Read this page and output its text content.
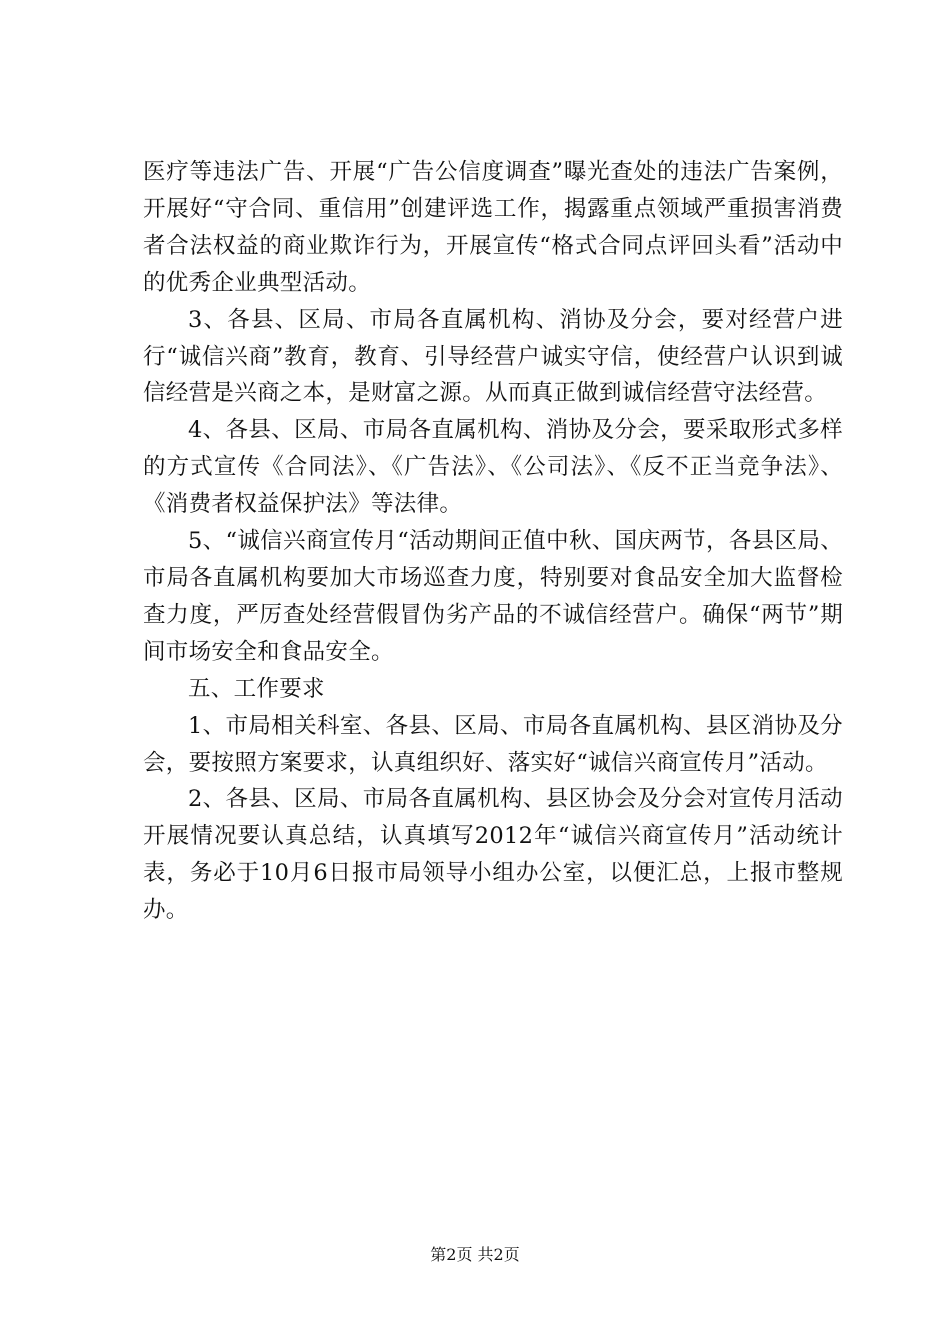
医疗等违法广告、开展“广告公信度调查”曝光查处的违法广告案例，开展好“守合同、重信用”创建评选工作，揭露重点领域严重损害消费者合法权益的商业欺诈行为，开展宣传“格式合同点评回头看”活动中的优秀企业典型活动。

3、各县、区局、市局各直属机构、消协及分会，要对经营户进行“诚信兴商”教育，教育、引导经营户诚实守信，使经营户认识到诚信经营是兴商之本，是财富之源。从而真正做到诚信经营守法经营。

4、各县、区局、市局各直属机构、消协及分会，要采取形式多样的方式宣传《合同法》、《广告法》、《公司法》、《反不正当竞争法》、《消费者权益保护法》等法律。

5、“诚信兴商宣传月“活动期间正值中秋、国庆两节，各县区局、市局各直属机构要加大市场巡查力度，特别要对食品安全加大监督检查力度，严厉查处经营假冒伪劣产品的不诚信经营户。确保“两节”期间市场安全和食品安全。

五、工作要求

1、市局相关科室、各县、区局、市局各直属机构、县区消协及分会，要按照方案要求，认真组织好、落实好“诚信兴商宣传月”活动。

2、各县、区局、市局各直属机构、县区协会及分会对宣传月活动开展情况要认真总结，认真填写2012年“诚信兴商宣传月”活动统计表，务必于10月6日报市局领导小组办公室，以便汇总，上报市整规办。

第2页 共2页
